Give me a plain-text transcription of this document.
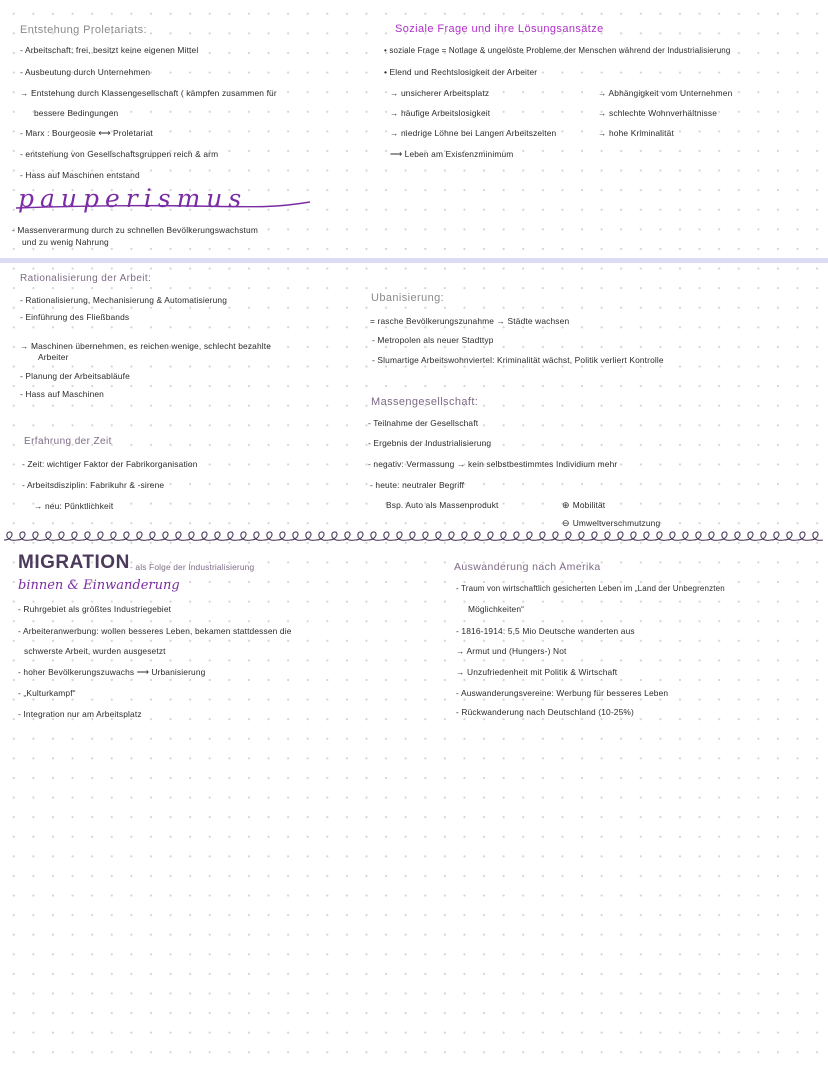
Entstehung Proletariats:
- Arbeitschaft: frei, besitzt keine eigenen Mittel
- Ausbeutung durch Unternehmen
→ Entstehung durch Klassengesellschaft ( kämpfen zusammen für
bessere Bedingungen
- Marx : Bourgeosie ⟷ Proletariat
- entstehung von Gesellschaftsgruppen reich & arm
- Hass auf Maschinen entstand
Soziale Frage und ihre Lösungsansätze
• soziale Frage = Notlage & ungelöste Probleme der Menschen während der Industrialisierung
• Elend und Rechtslosigkeit der Arbeiter
→ unsicherer Arbeitsplatz
→ häufige Arbeitslosigkeit
→ niedrige Löhne bei Langen Arbeitszeiten
⟶ Leben am Existenzminimum
→ Abhängigkeit vom Unternehmen
→ schlechte Wohnverhältnisse
→ hohe Kriminalität
pauperismus
- Massenverarmung durch zu schnellen Bevölkerungswachstum
und zu wenig Nahrung
Rationalisierung der Arbeit:
- Rationalisierung, Mechanisierung & Automatisierung
- Einführung des Fließbands
→ Maschinen übernehmen, es reichen wenige, schlecht bezahlte
Arbeiter
- Planung der Arbeitsabläufe
- Hass auf Maschinen
Erfahrung der Zeit
- Zeit: wichtiger Faktor der Fabrikorganisation
- Arbeitsdisziplin: Fabrikuhr & -sirene
→ neu: Pünktlichkeit
Ubanisierung:
= rasche Bevölkerungszunahme → Städte wachsen
- Metropolen als neuer Stadttyp
- Slumartige Arbeitswohnviertel: Kriminalität wächst, Politik verliert Kontrolle
Massengesellschaft:
- Teilnahme der Gesellschaft
- Ergebnis der Industrialisierung
- negativ: Vermassung → kein selbstbestimmtes Individium mehr
- heute: neutraler Begriff
Bsp. Auto als Massenprodukt	⊕ Mobilität
⊖ Umweltverschmutzung
MIGRATION - als Folge der Industrialisierung
binnen & Einwanderung
- Ruhrgebiet als größtes Industriegebiet
- Arbeiteranwerbung: wollen besseres Leben, bekamen stattdessen die
schwerste Arbeit, wurden ausgesetzt
- hoher Bevölkerungszuwachs ⟶ Urbanisierung
- „Kulturkampf“
- Integration nur am Arbeitsplatz
Auswanderung nach Amerika
- Traum von wirtschaftlich gesicherten Leben im „Land der Unbegrenzten
Möglichkeiten“
- 1816-1914: 5,5 Mio Deutsche wanderten aus
→ Armut und (Hungers-) Not
→ Unzufriedenheit mit Politik & Wirtschaft
- Auswanderungsvereine: Werbung für besseres Leben
- Rückwanderung nach Deutschland (10-25%)
